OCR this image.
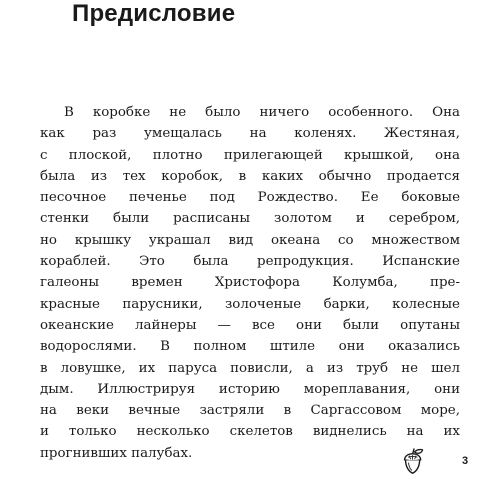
Предисловие
В коробке не было ничего особенного. Она
как раз умещалась на коленях. Жестяная,
с плоской, плотно прилегающей крышкой, она
была из тех коробок, в каких обычно продается
песочное печенье под Рождество. Ее боковые
стенки были расписаны золотом и серебром,
но крышку украшал вид океана со множеством
кораблей. Это была репродукция. Испанские
галеоны времен Христофора Колумба, пре-
красные парусники, золоченые барки, колесные
океанские лайнеры — все они были опутаны
водорослями. В полном штиле они оказались
в ловушке, их паруса повисли, а из труб не шел
дым. Иллюстрируя историю мореплавания, они
на веки вечные застряли в Саргассовом море,
и только несколько скелетов виднелись на их
прогнивших палубах.
3
